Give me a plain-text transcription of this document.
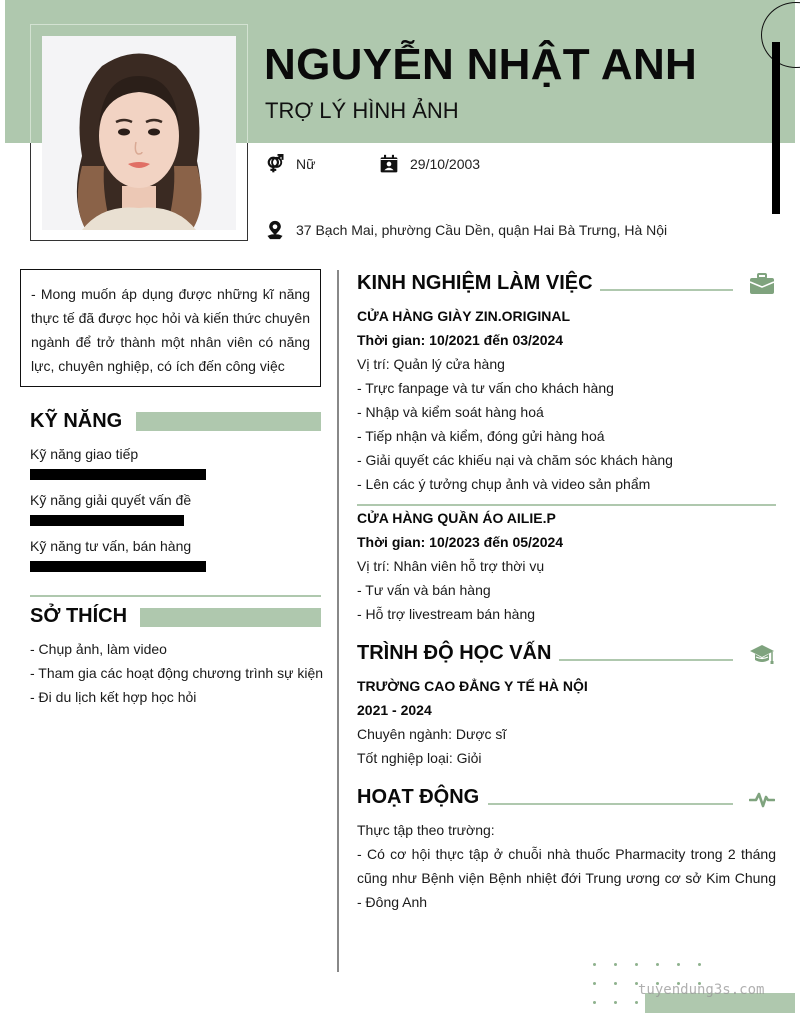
NGUYỄN NHẬT ANH
TRỢ LÝ HÌNH ẢNH
Nữ	29/10/2003
37 Bạch Mai, phường Cầu Dền, quận Hai Bà Trưng, Hà Nội
- Mong muốn áp dụng được những kĩ năng thực tế đã được học hỏi và kiến thức chuyên ngành để trở thành một nhân viên có năng lực, chuyên nghiệp, có ích đến công việc
KỸ NĂNG
Kỹ năng giao tiếp
Kỹ năng giải quyết vấn đề
Kỹ năng tư vấn, bán hàng
SỞ THÍCH
- Chụp ảnh, làm video
- Tham gia các hoạt động chương trình sự kiện
- Đi du lịch kết hợp học hỏi
KINH NGHIỆM LÀM VIỆC
CỬA HÀNG GIÀY ZIN.ORIGINAL
Thời gian: 10/2021 đến 03/2024
Vị trí: Quản lý cửa hàng
- Trực fanpage và tư vấn cho khách hàng
- Nhập và kiểm soát hàng hoá
- Tiếp nhận và kiểm, đóng gửi hàng hoá
- Giải quyết các khiếu nại và chăm sóc khách hàng
- Lên các ý tưởng chụp ảnh và video sản phẩm
CỬA HÀNG QUẦN ÁO AILIE.P
Thời gian: 10/2023 đến 05/2024
Vị trí: Nhân viên hỗ trợ thời vụ
- Tư vấn và bán hàng
- Hỗ trợ livestream bán hàng
TRÌNH ĐỘ HỌC VẤN
TRƯỜNG CAO ĐẲNG Y TẾ HÀ NỘI
2021 - 2024
Chuyên ngành: Dược sĩ
Tốt nghiệp loại: Giỏi
HOẠT ĐỘNG
Thực tập theo trường:
- Có cơ hội thực tập ở chuỗi nhà thuốc Pharmacity trong 2 tháng cũng như Bệnh viện Bệnh nhiệt đới Trung ương cơ sở Kim Chung - Đông Anh
tuyendung3s.com
